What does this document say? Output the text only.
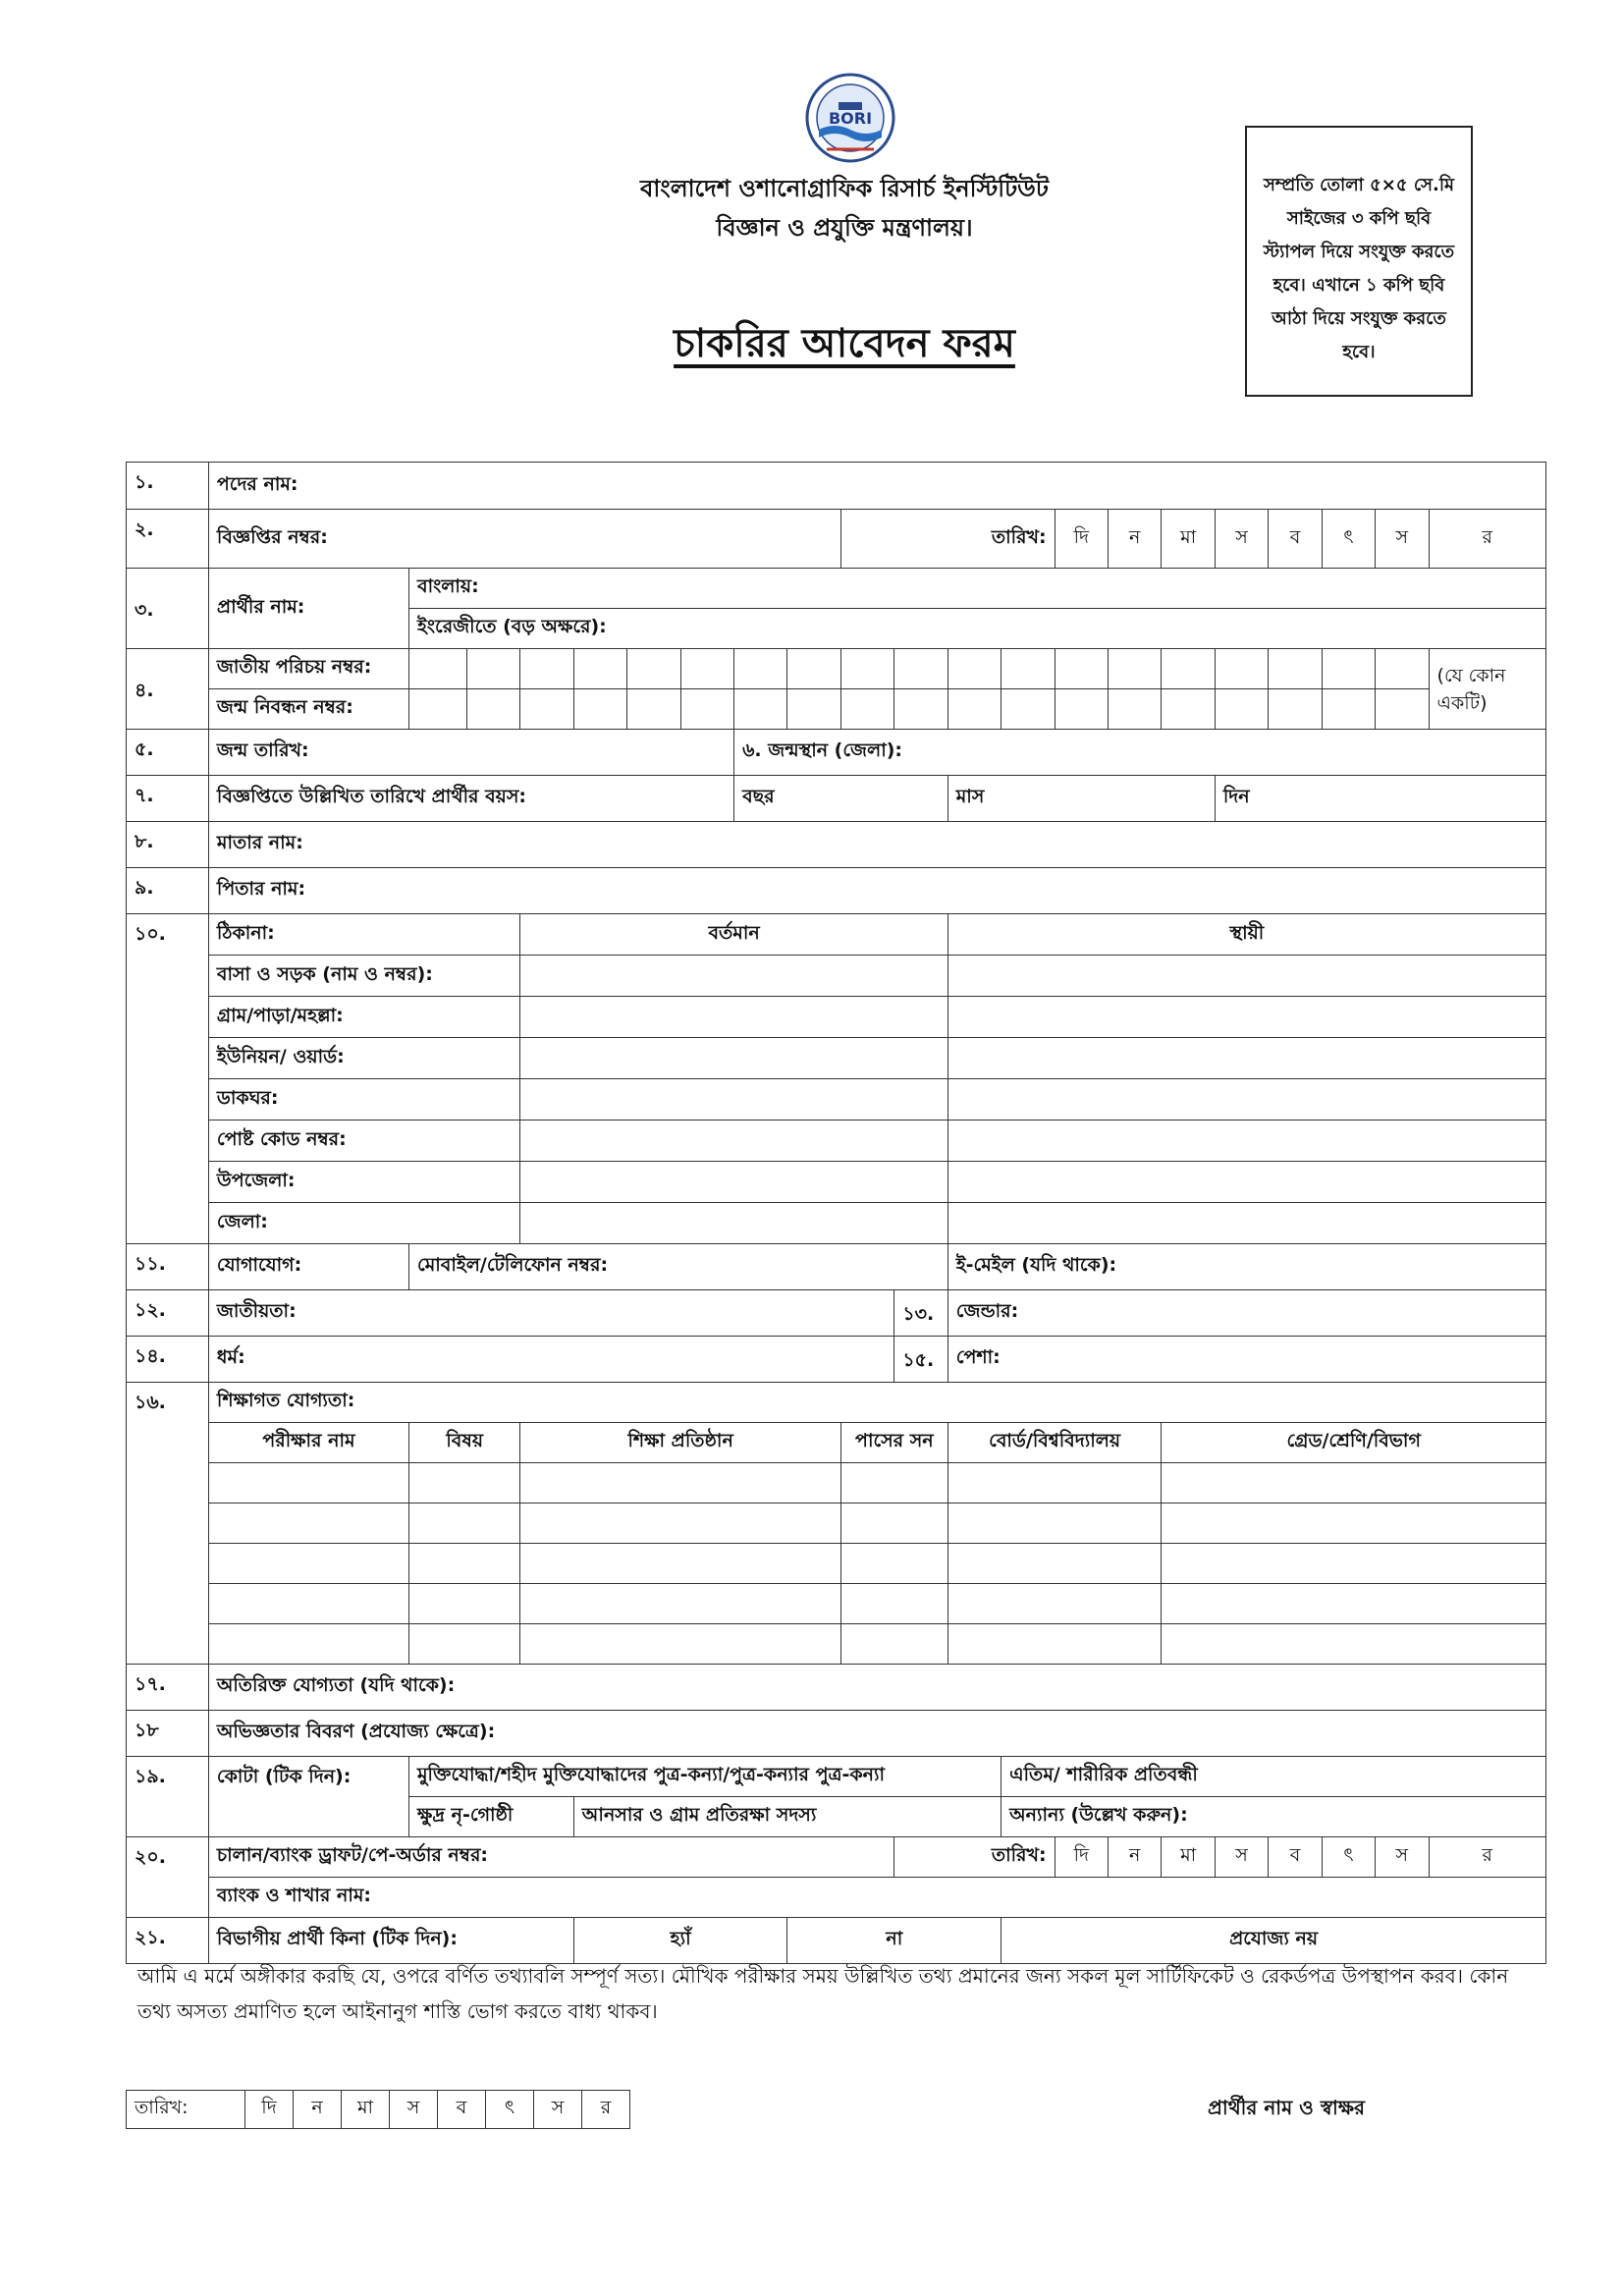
BORI
বাংলাদেশ ওশানোগ্রাফিক রিসার্চ ইনস্টিটিউট
বিজ্ঞান ও প্রযুক্তি মন্ত্রণালয়।
চাকরির আবেদন ফরম
সম্প্রতি তোলা ৫×৫ সে.মি সাইজের ৩ কপি ছবি স্ট্যাপল দিয়ে সংযুক্ত করতে হবে। এখানে ১ কপি ছবি আঠা দিয়ে সংযুক্ত করতে হবে।
১.	পদের নাম:																				
২.	বিজ্ঞপ্তির নম্বর:									তারিখ:				দি	ন	মা	স	ব	ৎ	স	র
৩.	প্রার্থীর নাম:	বাংলায়:																			
		ইংরেজীতে (বড় অক্ষরে):																			
৪.	জাতীয় পরিচয় নম্বর:																				(যে কোন একটি)
	জন্ম নিবন্ধন নম্বর:																				
৫.	জন্ম তারিখ:							৬. জন্মস্থান (জেলা):													
৭.	বিজ্ঞপ্তিতে উল্লিখিত তারিখে প্রার্থীর বয়স:							বছর				মাস					দিন				
৮.	মাতার নাম:																				
৯.	পিতার নাম:																				
১০.	ঠিকানা:			বর্তমান								স্থায়ী									
	বাসা ও সড়ক (নাম ও নম্বর):																				
	গ্রাম/পাড়া/মহল্লা:																				
	ইউনিয়ন/ ওয়ার্ড:																				
	ডাকঘর:																				
	পোষ্ট কোড নম্বর:																				
	উপজেলা:																				
	জেলা:																				
১১.	যোগাযোগ:	মোবাইল/টেলিফোন নম্বর:										ই-মেইল (যদি থাকে):									
১২.	জাতীয়তা:										১৩.	জেন্ডার:									
১৪.	ধর্ম:										১৫.	পেশা:									
১৬.	শিক্ষাগত যোগ্যতা:																				
	পরীক্ষার নাম	বিষয়		শিক্ষা প্রতিষ্ঠান						পাসের সন		বোর্ড/বিশ্ববিদ্যালয়				গ্রেড/শ্রেণি/বিভাগ					

১৭.	অতিরিক্ত যোগ্যতা (যদি থাকে):																				
১৮	অভিজ্ঞতার বিবরণ (প্রযোজ্য ক্ষেত্রে):																				
১৯.	কোটা (টিক দিন):	মুক্তিযোদ্ধা/শহীদ মুক্তিযোদ্ধাদের পুত্র-কন্যা/পুত্র-কন্যার পুত্র-কন্যা											এতিম/ শারীরিক প্রতিবন্ধী								
		ক্ষুদ্র নৃ-গোষ্ঠী			আনসার ও গ্রাম প্রতিরক্ষা সদস্য								অন্যান্য (উল্লেখ করুন):								
২০.	চালান/ব্যাংক ড্রাফট/পে-অর্ডার নম্বর:										তারিখ:			দি	ন	মা	স	ব	ৎ	স	র
	ব্যাংক ও শাখার নাম:																				
২১.	বিভাগীয় প্রার্থী কিনা (টিক দিন):				হ্যাঁ				না				প্রযোজ্য নয়								
আমি এ মর্মে অঙ্গীকার করছি যে, ওপরে বর্ণিত তথ্যাবলি সম্পূর্ণ সত্য। মৌখিক পরীক্ষার সময় উল্লিখিত তথ্য প্রমানের জন্য সকল মূল সার্টিফিকেট ও রেকর্ডপত্র উপস্থাপন করব। কোন তথ্য অসত্য প্রমাণিত হলে আইনানুগ শাস্তি ভোগ করতে বাধ্য থাকব।
তারিখ:	দি	ন	মা	স	ব	ৎ	স	র	প্রার্থীর নাম ও স্বাক্ষর
